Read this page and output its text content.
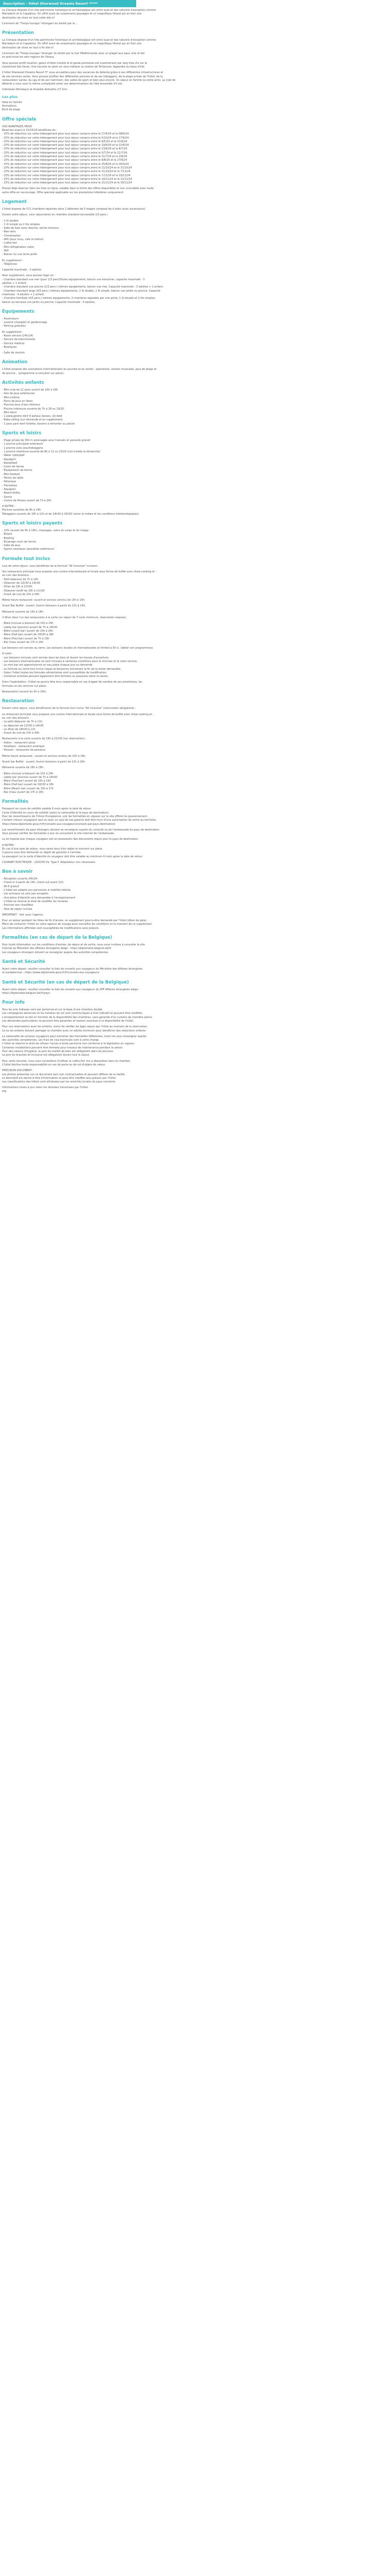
Description - Hôtel Sherwood Dreams Resort *****
Le Clonque dispose d'un très patrimoine historique et archéologique ont entre quai et des naturels d'exception comme
Marrakech et le Capadoce. On offrit aussi de surprenants paysages et un magnifique littoral qui en font une
destination de choix en tout cette été-ci!
Comment de "Tranjo-louvaps" étrangers du berbit par la...
Présentation
La Clonque dispose d'un très patrimoine historique et archéologique ont entre quai et des naturels d'exception comme
Marrakech et le Capadoce. On offrit aussi de surprenants paysages et un magnifique littoral qui en font une
destination de choix en tout à fin été-ci!
Comment de "Tranjo-louvaps" étranger du berbit par la mer Méditerranée avec un plaget aux eaux vive et bel
en prés'ouvé les sont régions de l'Anara.
Vous pouvez profit location, géant d'hôtel installé le et garde photoines est ouvertement par duty-free d'e sur le
masterhed des lièves. Une touriste en plein air sera mélaine un station de Terlanssia. Appendre au beau d'hôt.
L'hôtel Sherwood Dreams Resort 5* vous accueillera pour des vacances de détente grâce à ses différentes infrastructures et
de ses services variés. Vous pouvez profiter des différentes piscines et de ses toboggans, de la plage privée de l'hôtel, de la
restauration variée, du spa et de son hammam, des salles de sport et bien plus encore. Un séjour en famille ou entre amis. Le club de
détente a vous sous la même complexité selon vos déterminations de l'été ensemble d'il est.
Individuel (Nimdayo) et Anatolie Antisotta (17 km)
Les plus
Idéal en famille
Animations
Bord de plage
Offre spéciale
VOS AVANTAGES PRIVE
Réservez avant le 31/03/24 bénéficiez de :
- 25% de réduction sur votre hébergement pour tout séjour compris entre le 27/4/24 et le 08/6/24
- 25% de réduction sur votre hébergement pour tout séjour compris entre le 5/10/24 et le 17/9/24
- 20% de réduction sur votre hébergement pour tout séjour compris entre le 8/5/24 et le 21/6/24
- 20% de réduction sur votre hébergement pour tout séjour compris entre le 19/6/24 et le 21/6/24
- 20% de réduction sur votre hébergement pour tout séjour compris entre le 23/6/24 et le 8/7/24
- 20% de réduction sur votre hébergement pour tout séjour compris entre le 5/7/24 et le 21/7/24
- 15% de réduction sur votre hébergement pour tout séjour compris entre le 21/7/24 et le 2/8/24
- 20% de réduction sur votre hébergement pour tout séjour compris entre le 8/8/24 et le 27/8/24
- 25% de réduction sur votre hébergement pour tout séjour compris entre le 25/8/24 et le 26/9/24
- 20% de réduction sur votre hébergement pour tout séjour compris entre le 11/10/24 et le 31/10/24
- 20% de réduction sur votre hébergement pour tout séjour compris entre le 21/10/24 et le 7/11/24
- 20% de réduction sur votre hébergement pour tout séjour compris entre le 7/11/24 et le 19/11/24
- 25% de réduction sur votre hébergement pour tout séjour compris entre le 19/11/24 et le 21/11/24
- 25% de réduction sur votre hébergement pour tout séjour compris entre le 21/11/24 et le 30/11/24
Prenez déjà réserver dans les frais en ligne, valable dans la limite des offres disponibles et non cumulable avec toute
autre offre en raccourage. Offre spéciale applicable sur les prestations hôtelières uniquement.
Logement
L'hôtel dispose de 571 chambres réparties dans 1 bâtiment de 5 étages composé de 4 ailes (avec ascenseurs).
Durant votre séjour, vous séjournerez en chambre standard (accessible 2/3 pers.)
- 1 lit double
- 1 lit simple ou 2 lits simples
- Salle de bain avec douche, sèche-cheveux
- Bien-être
- Climatisation
- Wifi (pour vous, cafe la théine)
- Coffre-fort
- Mini-réfrigérateur selon
- Wifi
- Balcon ou vue terre jardin
En supplément :
- Téléphone
Capacité maximale : 3 adultes
Avec supplément, vous pouvez loger en :
- Chambre standard vue mer (pour 2/3 pers)Toutes équipements, balcon vue terre/mer, capacité maximale : 3
adultes + 1 enfant.
- Chambre standard vue piscine (2/3 pers.) mêmes équipements, balcon vue mer. Capacité maximale : 3 adultes + 1 enfant.
- Chambre standard large (4/5 pers.) mêmes équipements, 2 lit double, 1 lit simple, balcon vue jardin ou piscine. Capacité
maximale : 4 adultes + 1 enfant.
- Chambre familiale (4/5 pers.) mêmes équipements, 2 chambres séparées par une porte, 1 lit double et 2 lits simples,
balcon ou terrasse vue jardin ou piscine. Capacité maximale : 4 adultes.
Équipements
- Ascenseurs
- Laverie (chargée) et gardiennage
- Parking gratuites
En supplément :
- Room service (24h/24)
- Service de blanchisserie
- Service médical
- Boutiques
- Salle de réunion
Animation
L'hôtel propose des animations internationales en journée et en soirée : spectacles, soirées musicales, jeux de plage et
de piscine... (programme à consulter sur place).
Activités enfants
- Mini-club de 12 jours ouvert de 10h à 19h
- Aire de jeux extérieures
- Mini-cinéma
- Parcs de jeux en libres
- Piscines jeux d'eau intérieur
- Piscine intérieure ouverte de 7h à 18 ou 19/20
- Mini-disco
- 1 pataugeoire dont 6 pataux basses, ski-dedi
- Baby-sitting (sur demande et en supplément)
- 1 pass park dont toilette, bassins à remonter au placet
Sports et loisirs
- Plage privée de 350 m aménagée avec transats et parasols gratuit
- 1 piscine principale extérieure
- 1 piscine avec jeux/toboggans
- 1 piscine intérieure ouverte de 8h à 11 ou 23/20 (non traitée le dimanche)
- Water volleyball
- Aquagym
- Basketball
- Cours de danse
- Équipement de tennis
- Mini-football
- Tennis de table
- Pétanque
- Fléchettes
- Aquaparc
- Beach-Volley
- Sauna
- Centre de fitness ouvert de 7h à 20h
A NOTER :
Piscines ouvertes de 8h à 19h.
Toboggans ouverts de 10h à 12h et de 14h30 à 16h30 (selon la météo et les conditions météorologiques).
Sports et loisirs payants
- 10% (ouvert de 9h à 19h), massages, soins du corps et du visage
- Billard
- Bowling
- Éclairage court de tennis
- Salle de jeux
- Sports nautiques (possibles extérieurs)
Formule tout inclus
Lors de votre séjour, vous bénéficiez de la formule "All Inclusive" incluant :
Vos restaurants principal vous propose une cuisine internationale et locale sous forme de buffet avec show cooking et :
au coin des boissons :
- Petit-déjeuner de 7h à 10h
- Déjeuner de 12h30 à 14h30
- Dîner de 19h à 21h30
- Déjeuner tardif de 10h à 11h30
- Snack de nuit de 23h à 00h
Même heure restaurant: ouvert et service continu de 10h à 16h.
Snack Bar Buffet : ouvert, fournir boissons à partir de 12h à 16h.
Pâtisserie ouverte de 16h à 18h.
3 dîner dans l'un des restaurants à la carte (un séjour de 7 nuits minimum, réservation requise).
- Bière (incluse à boisson) de 10h à 24h
- Lobby bar (piscine) ouvert de 7h à 24h30
- Bière (snack bar) ouvert de 10h à 24h
- Bière (Hall bar) ouvert de 10h30 à 18h
- Bière (Pool bar) ouvert de 7h à 19h
- Bar d'eau ouvert de 17h à 19h
Les boissons ont servies au verre. Les boissons locales et internationales et limited à 50 cl. (détail voir programmes).
A noter :
- Les boissons incluses sont servies dans les bars et durant les heures d'ouverture.
- Les boissons internationales ne sont incluses à certaines conditions pour le mini-bar et le room service.
- Le mini-bar est approvisionné en eau plate chaque jour au demande.
- La formule au verre tout inclus (repas et boissons) entrainant la fin de la durée demandée.
- Selon l'hôtel toutes les formules alimentaires sont susceptibles de modification.
- Certaines activités peuvent également être fermées ou payantes selon la saison.
Dans l'exploitation, l'hôtel ne pourra être tenu responsable en cas d'appel de nombre de ses prestations, les
formules et ses services sur place.
Restauration (ouvert du 9h à 19h).
Restauration
Durant votre séjour, vous bénéficierez de la formule tout inclus "All Inclusive" (réservation obligatoire) :
Le restaurant principal vous propose une cuisine internationale et locale sous forme de buffet avec show cooking et :
au coin des boissons :
- Le petit-déjeuner de 7h à 11h
- Le déjeuner de 12h30 à 14h30
- Le dîner de 18h30 à 21h
- Snack de nuit de 23h à 00h
Restaurants à la carte ouverts de 19h à 21h30 (sur réservation) :
- Italien : restaurant pizza
- Asiatique : restaurant asiatique
- Poisson : restaurant de poissons
Même heure restaurant : ouvert et service continu de 10h à 16h.
Snack bar Buffet : ouvert, fournir boissons à partir de 12h à 16h.
Pâtisserie ouverte de 16h à 18h.
- Bière (incluse à boisson) de 10h à 24h
- Lobby bar (piscine) ouvert de 7h à 24h30
- Bière (Pool bar) ouvert de 10h à 19h
- Bière (Hall bar) ouvert de 10h30 à 18h
- Bière (Beach bar) ouvert de 10h à 17h
- Bar d'eau ouvert de 17h à 19h
Formalités
Passeport en cours de validité valable 6 mois après la date de retour.
Carte d'identité en cours de validité (selon la nationalité et le pays de destination).
Pour les ressortissants de l'Union Européenne, voir les formalités en vigueur sur le site officiel du gouvernement.
L'enfant mineur voyageant seul ou avec un seul de ses parents doit être muni d'une autorisation de sortie du territoire.
https://www.diplomatie.gouv.fr/fr/conseils-aux-voyageurs/conseils-par-pays-destination/
Les ressortissants de pays étrangers doivent se renseigner auprès du consulat ou de l'ambassade du pays de destination.
Vous pouvez vérifier les formalités à jour en consultant le site internet de l'ambassade.
La loi impose que chaque voyageur soit en possession des documents requis pour le pays de destination.
A NOTER :
En cas d'une taxe de séjour, vous serez tenu d'en régler le montant sur place.
Il pourra vous être demandé un dépôt de garantie à l'arrivée.
Le passeport ou la carte d'identité du voyageur doit être valable au minimum 6 mois après la date de retour.
COURANT ÉLECTRIQUE : 220V/50 Hz. Type F. Adaptateur non nécessaire.
Bon à savoir
- Réception ouverte 24h/24
- Check-in à partir de 14h, check-out avant 12h
- Wi-fi gratuit
- L'hôtel est adapté aux personnes à mobilité réduite
- Les animaux ne sont pas acceptés
- Une pièce d'identité sera demandée à l'enregistrement
- L'hôtel se réserve le droit de modifier les horaires
- Piscines non chauffées
- Taxe de séjour incluse
IMPORTANT : Voir avec l'agence.
Pour un séjour pendant les fêtes de fin d'année, un supplément pourra être demandé par l'hôtel (dîner de gala).
Merci de contacter l'hôtel ou votre agence de voyage pour connaître les conditions et le montant de ce supplément.
Les informations affichées sont susceptibles de modifications sans préavis.
Formalités (en cas de départ de la Belgique)
Pour toute information sur les conditions d'entrée, de séjour et de sortie, nous vous invitons à consulter le site
internet du Ministère des Affaires étrangères belge : https://diplomatie.belgium.be/fr
Les voyageurs étrangers doivent se renseigner auprès des autorités compétentes.
Santé et Sécurité
Avant votre départ, veuillez consulter la liste de conseils aux voyageurs du Ministère des Affaires étrangères
et européennes : https://www.diplomatie.gouv.fr/fr/conseils-aux-voyageurs/
Santé et Sécurité (en cas de départ de la Belgique)
Avant votre départ, veuillez consulter la liste de conseils aux voyageurs du SPF Affaires étrangères belge :
https://diplomatie.belgium.be/fr/pays
Pour info
Tous les prix indiqués sont par personne et sur la base d'une chambre double.
Les compagnies aériennes et les horaires de vol sont communiqués à titre indicatif et peuvent être modifiés.
L'enregistrement se fait en fonction de la disponibilité des chambres, sans garantie d'un numéro de chambre précis.
Les demandes particulières ne peuvent être garanties et restent soumises à la disponibilité de l'hôtel.
Pour vos réservations avec les enfants, merci de vérifier les âges requis par l'hôtel au moment de la réservation.
Le ou les enfants doivent partager la chambre avec un adulte minimum pour bénéficier des réductions enfants.
La nationalité de certains voyageurs peut entraîner des formalités différentes, merci de vous renseigner auprès
des autorités compétentes. Les frais de visa éventuels sont à votre charge.
L'hôtel se réserve le droit de refuser l'accès à toute personne non conforme à la législation en vigueur.
Certaines installations peuvent être fermées pour travaux de maintenance pendant la saison.
Pour des raisons d'hygiène, le port du maillot de bain est obligatoire dans les piscines.
Le port du bracelet all inclusive est obligatoire durant tout le séjour.
Pour votre sécurité, nous vous conseillons d'utiliser le coffre-fort mis à disposition dans la chambre.
L'hôtel décline toute responsabilité en cas de perte ou de vol d'objets de valeur.
PRÉCISION DOCUMENT :
Les photos présentes sur ce document sont non contractuelles et peuvent différer de la réalité.
Le descriptif est donné à titre d'information et peut être modifié sans préavis par l'hôtel.
Les classifications des hôtels sont attribuées par les autorités locales du pays concerné.
Informations mises à jour selon les données transmises par l'hôtel.
FIN
